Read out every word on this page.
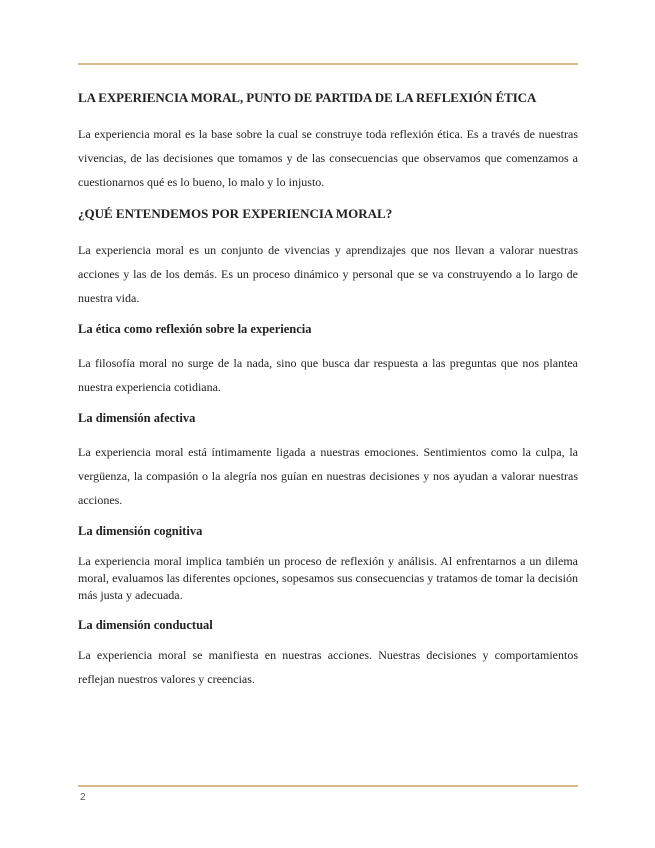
LA EXPERIENCIA MORAL, PUNTO DE PARTIDA DE LA REFLEXIÓN ÉTICA

La experiencia moral es la base sobre la cual se construye toda reflexión ética. Es a través de nuestras vivencias, de las decisiones que tomamos y de las consecuencias que observamos que comenzamos a cuestionarnos qué es lo bueno, lo malo y lo injusto.

¿QUÉ ENTENDEMOS POR EXPERIENCIA MORAL?

La experiencia moral es un conjunto de vivencias y aprendizajes que nos llevan a valorar nuestras acciones y las de los demás. Es un proceso dinámico y personal que se va construyendo a lo largo de nuestra vida.

La ética como reflexión sobre la experiencia

La filosofía moral no surge de la nada, sino que busca dar respuesta a las preguntas que nos plantea nuestra experiencia cotidiana.

La dimensión afectiva

La experiencia moral está íntimamente ligada a nuestras emociones. Sentimientos como la culpa, la vergüenza, la compasión o la alegría nos guían en nuestras decisiones y nos ayudan a valorar nuestras acciones.

La dimensión cognitiva

La experiencia moral implica también un proceso de reflexión y análisis. Al enfrentarnos a un dilema moral, evaluamos las diferentes opciones, sopesamos sus consecuencias y tratamos de tomar la decisión más justa y adecuada.

La dimensión conductual

La experiencia moral se manifiesta en nuestras acciones. Nuestras decisiones y comportamientos reflejan nuestros valores y creencias.

2
